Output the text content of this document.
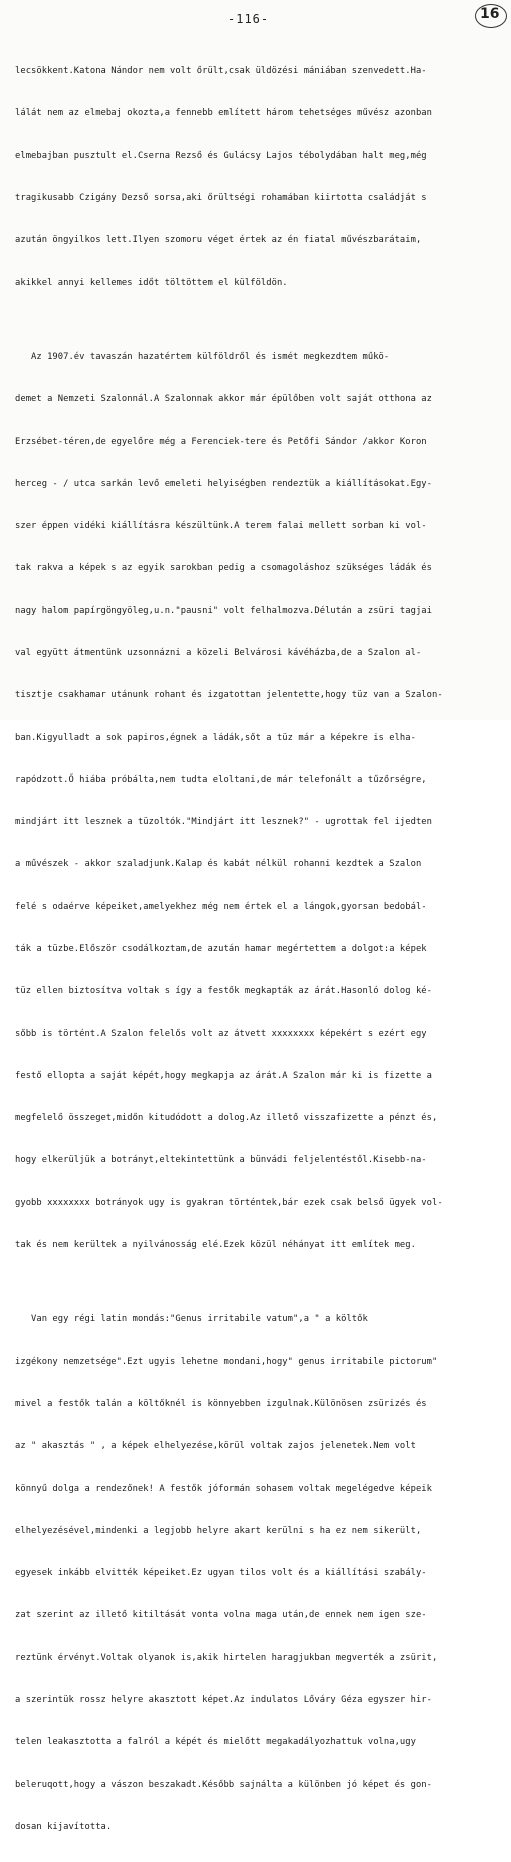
-116-	16

lecsökkent.Katona Nándor nem volt őrült,csak üldözési mániában szenvedett.Ha-

lálát nem az elmebaj okozta,a fennebb említett három tehetséges művész azonban

elmebajban pusztult el.Cserna Rezső és Gulácsy Lajos tébolydában halt meg,még

tragikusabb Czigány Dezső sorsa,aki őrültségi rohamában kiirtotta családját s

azután öngyilkos lett.Ilyen szomoru véget értek az én fiatal művészbarátaim,

akikkel annyi kellemes időt töltöttem el külföldön.

Az 1907.év tavaszán hazatértem külföldről és ismét megkezdtem műkö-

demet a Nemzeti Szalonnál.A Szalonnak akkor már épülőben volt saját otthona az

Erzsébet-téren,de egyelőre még a Ferenciek-tere és Petőfi Sándor /akkor Koron

herceg - / utca sarkán levő emeleti helyiségben rendeztük a kiállításokat.Egy-

szer éppen vidéki kiállításra készültünk.A terem falai mellett sorban ki vol-

tak rakva a képek s az egyik sarokban pedig a csomagoláshoz szükséges ládák és

nagy halom papírgöngyöleg,u.n."pausni" volt felhalmozva.Délután a zsüri tagjai

val együtt átmentünk uzsonnázni a közeli Belvárosi kávéházba,de a Szalon al-

tisztje csakhamar utánunk rohant és izgatottan jelentette,hogy tüz van a Szalon-

ban.Kigyulladt a sok papiros,égnek a ládák,sőt a tüz már a képekre is elha-

rapódzott.Ő hiába próbálta,nem tudta eloltani,de már telefonált a tűzőrségre,

mindjárt itt lesznek a tüzoltók."Mindjárt itt lesznek?" - ugrottak fel ijedten

a művészek - akkor szaladjunk.Kalap és kabát nélkül rohanni kezdtek a Szalon

felé s odaérve képeiket,amelyekhez még nem értek el a lángok,gyorsan bedobál-

ták a tüzbe.Először csodálkoztam,de azután hamar megértettem a dolgot:a képek

tüz ellen biztosítva voltak s így a festők megkapták az árát.Hasonló dolog ké-

sőbb is történt.A Szalon felelős volt az átvett xxxxxxxx képekért s ezért egy

festő ellopta a saját képét,hogy megkapja az árát.A Szalon már ki is fizette a

megfelelő összeget,midőn kitudódott a dolog.Az illető visszafizette a pénzt és,

hogy elkerüljük a botrányt,eltekintettünk a bünvádi feljelentéstől.Kisebb-na-

gyobb xxxxxxxx botrányok ugy is gyakran történtek,bár ezek csak belső ügyek vol-

tak és nem kerültek a nyilvánosság elé.Ezek közül néhányat itt említek meg.

Van egy régi latin mondás:"Genus irritabile vatum",a " a költők

izgékony nemzetsége".Ezt ugyis lehetne mondani,hogy" genus irritabile pictorum"

mivel a festők talán a költőknél is könnyebben izgulnak.Különösen zsürizés és

az " akasztás " , a képek elhelyezése,körül voltak zajos jelenetek.Nem volt

könnyű dolga a rendezőnek! A festők jóformán sohasem voltak megelégedve képeik

elhelyezésével,mindenki a legjobb helyre akart kerülni s ha ez nem sikerült,

egyesek inkább elvitték képeiket.Ez ugyan tilos volt és a kiállítási szabály-

zat szerint az illető kitiltását vonta volna maga után,de ennek nem igen sze-

reztünk érvényt.Voltak olyanok is,akik hirtelen haragjukban megverték a zsürit,

a szerintük rossz helyre akasztott képet.Az indulatos Lőváry Géza egyszer hir-

telen leakasztotta a falról a képét és mielőtt megakadályozhattuk volna,ugy

beleruqott,hogy a vászon beszakadt.Később sajnálta a különben jó képet és gon-

dosan kijavította.
